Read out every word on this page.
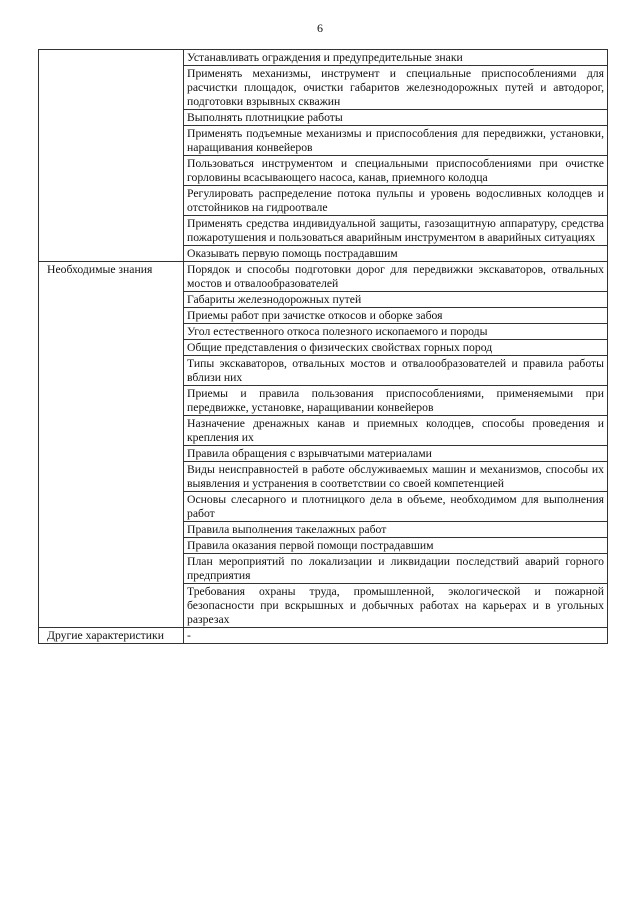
6
	Устанавливать ограждения и предупредительные знаки
	Применять механизмы, инструмент и специальные приспособлениями для расчистки площадок, очистки габаритов железнодорожных путей и автодорог, подготовки взрывных скважин
	Выполнять плотницкие работы
	Применять подъемные механизмы и приспособления для передвижки, установки, наращивания конвейеров
	Пользоваться инструментом и специальными приспособлениями при очистке горловины всасывающего насоса, канав, приемного колодца
	Регулировать распределение потока пульпы и уровень водосливных колодцев и отстойников на гидроотвале
	Применять средства индивидуальной защиты, газозащитную аппаратуру, средства пожаротушения и пользоваться аварийным инструментом в аварийных ситуациях
	Оказывать первую помощь пострадавшим
Необходимые знания	Порядок и способы подготовки дорог для передвижки экскаваторов, отвальных мостов и отвалообразователей
	Габариты железнодорожных путей
	Приемы работ при зачистке откосов и оборке забоя
	Угол естественного откоса полезного ископаемого и породы
	Общие представления о физических свойствах горных пород
	Типы экскаваторов, отвальных мостов и отвалообразователей и правила работы вблизи них
	Приемы и правила пользования приспособлениями, применяемыми при передвижке, установке, наращивании конвейеров
	Назначение дренажных канав и приемных колодцев, способы проведения и крепления их
	Правила обращения с взрывчатыми материалами
	Виды неисправностей в работе обслуживаемых машин и механизмов, способы их выявления и устранения в соответствии со своей компетенцией
	Основы слесарного и плотницкого дела в объеме, необходимом для выполнения работ
	Правила выполнения такелажных работ
	Правила оказания первой помощи пострадавшим
	План мероприятий по локализации и ликвидации последствий аварий горного предприятия
	Требования охраны труда, промышленной, экологической и пожарной безопасности при вскрышных и добычных работах на карьерах и в угольных разрезах
Другие характеристики	-
